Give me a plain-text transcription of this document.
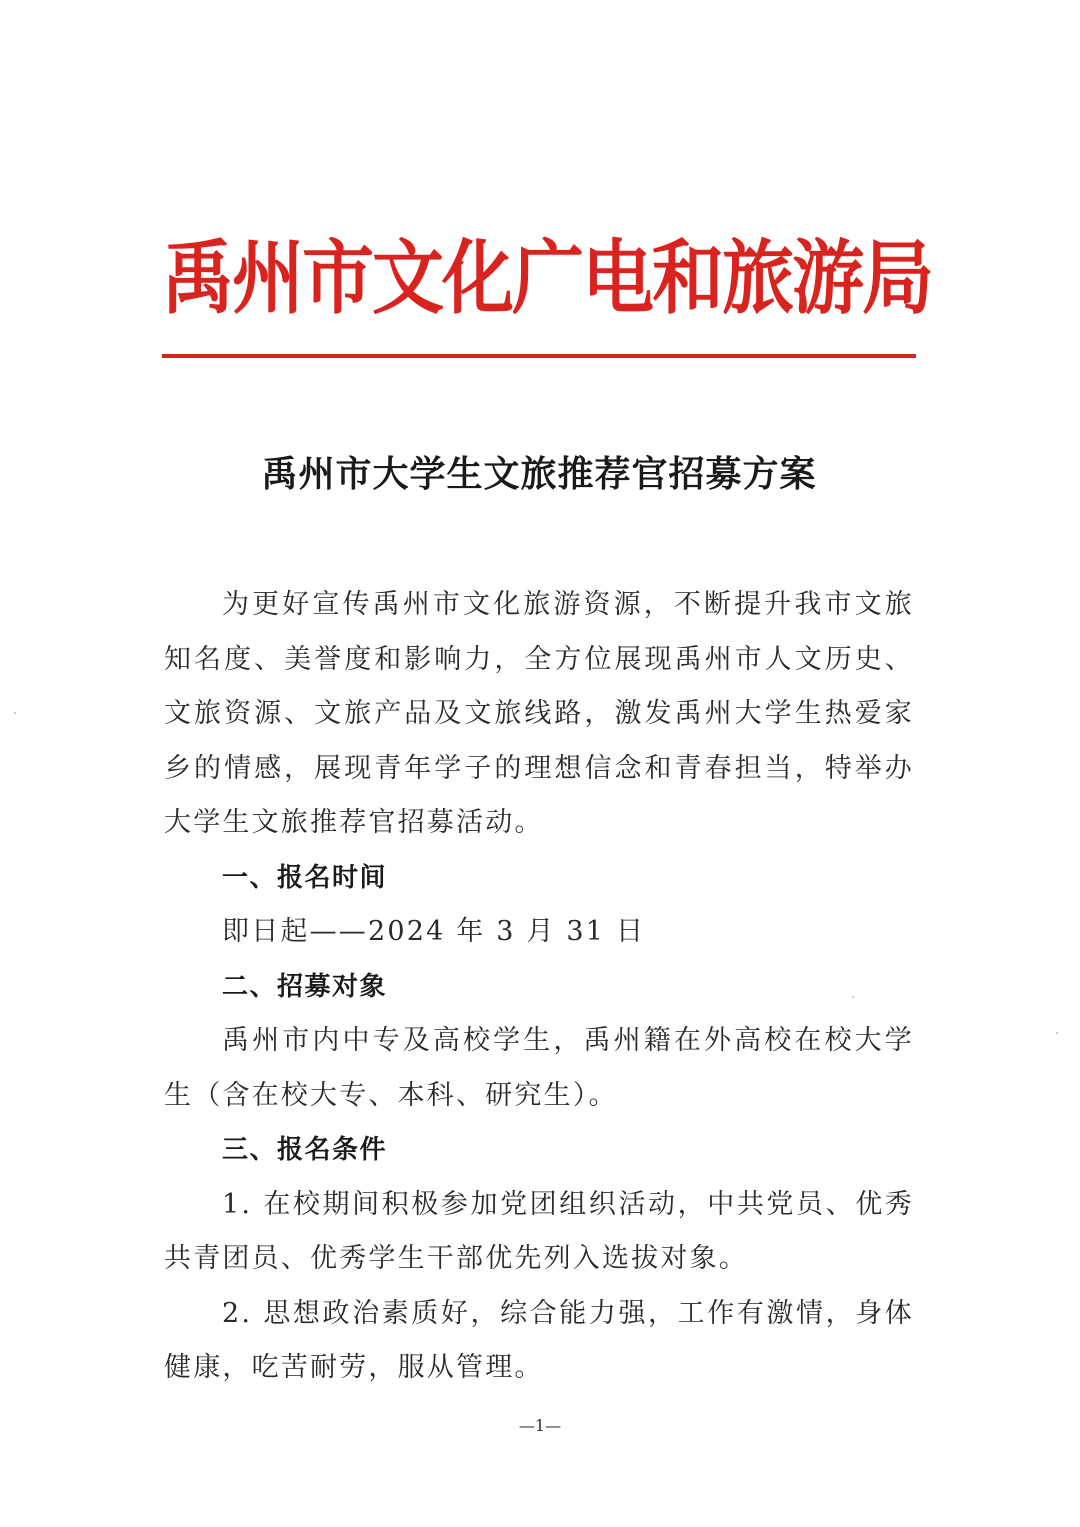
禹州市文化广电和旅游局
禹州市大学生文旅推荐官招募方案

为更好宣传禹州市文化旅游资源，不断提升我市文旅知名度、美誉度和影响力，全方位展现禹州市人文历史、文旅资源、文旅产品及文旅线路，激发禹州大学生热爱家乡的情感，展现青年学子的理想信念和青春担当，特举办大学生文旅推荐官招募活动。

一、报名时间

即日起——2024 年 3 月 31 日

二、招募对象

禹州市内中专及高校学生，禹州籍在外高校在校大学生（含在校大专、本科、研究生）。

三、报名条件

1. 在校期间积极参加党团组织活动，中共党员、优秀共青团员、优秀学生干部优先列入选拔对象。

2. 思想政治素质好，综合能力强，工作有激情，身体健康，吃苦耐劳，服从管理。

—1—
